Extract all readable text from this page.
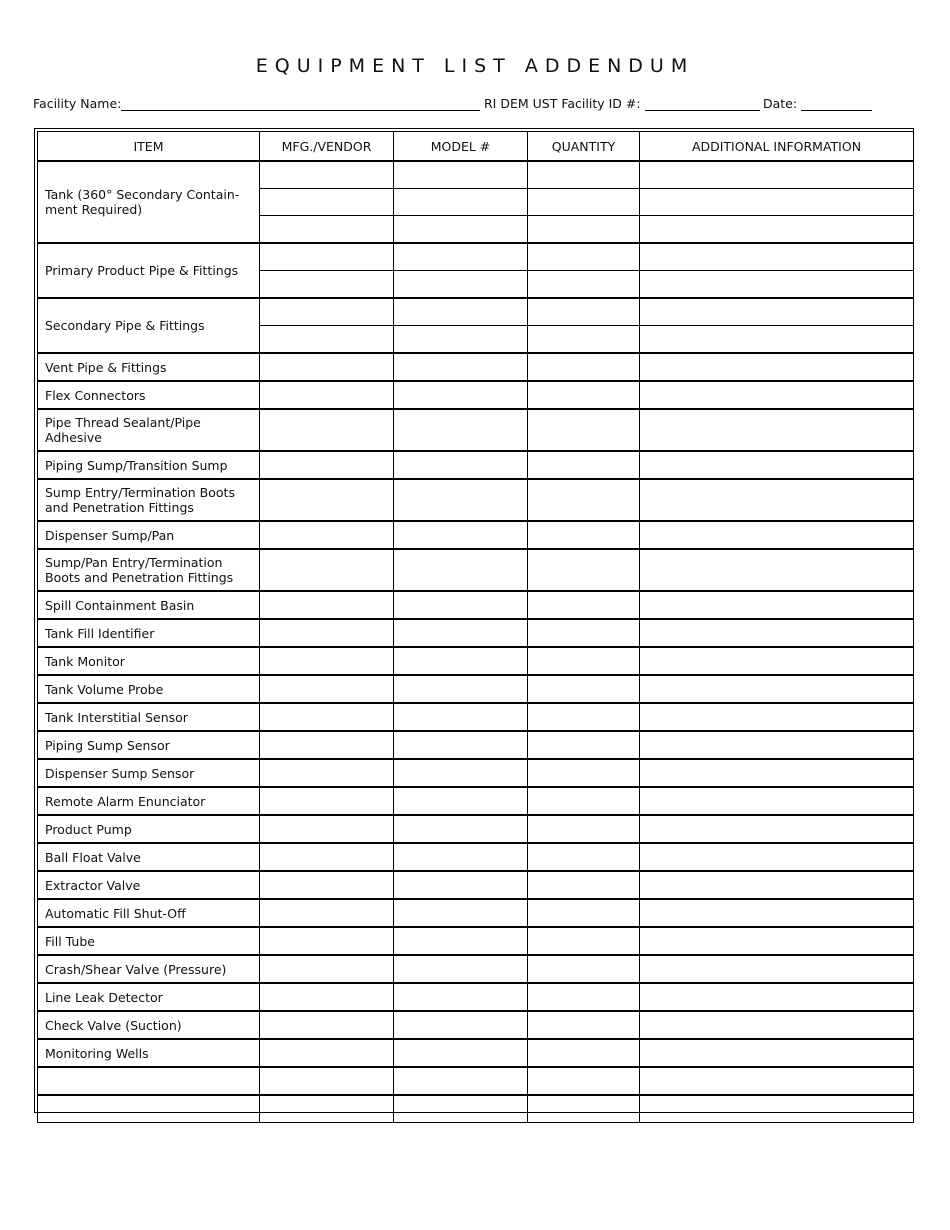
EQUIPMENT LIST ADDENDUM
Facility Name:	RI DEM UST Facility ID #:	Date:
ITEM	MFG./VENDOR	MODEL #	QUANTITY	ADDITIONAL INFORMATION
Tank (360° Secondary Contain-ment Required)				

Primary Product Pipe & Fittings				

Secondary Pipe & Fittings				

Vent Pipe & Fittings				
Flex Connectors				
Pipe Thread Sealant/Pipe Adhesive				
Piping Sump/Transition Sump				
Sump Entry/Termination Boots and Penetration Fittings				
Dispenser Sump/Pan				
Sump/Pan Entry/Termination Boots and Penetration Fittings				
Spill Containment Basin				
Tank Fill Identifier				
Tank Monitor				
Tank Volume Probe				
Tank Interstitial Sensor				
Piping Sump Sensor				
Dispenser Sump Sensor				
Remote Alarm Enunciator				
Product Pump				
Ball Float Valve				
Extractor Valve				
Automatic Fill Shut-Off				
Fill Tube				
Crash/Shear Valve (Pressure)				
Line Leak Detector				
Check Valve (Suction)				
Monitoring Wells				
